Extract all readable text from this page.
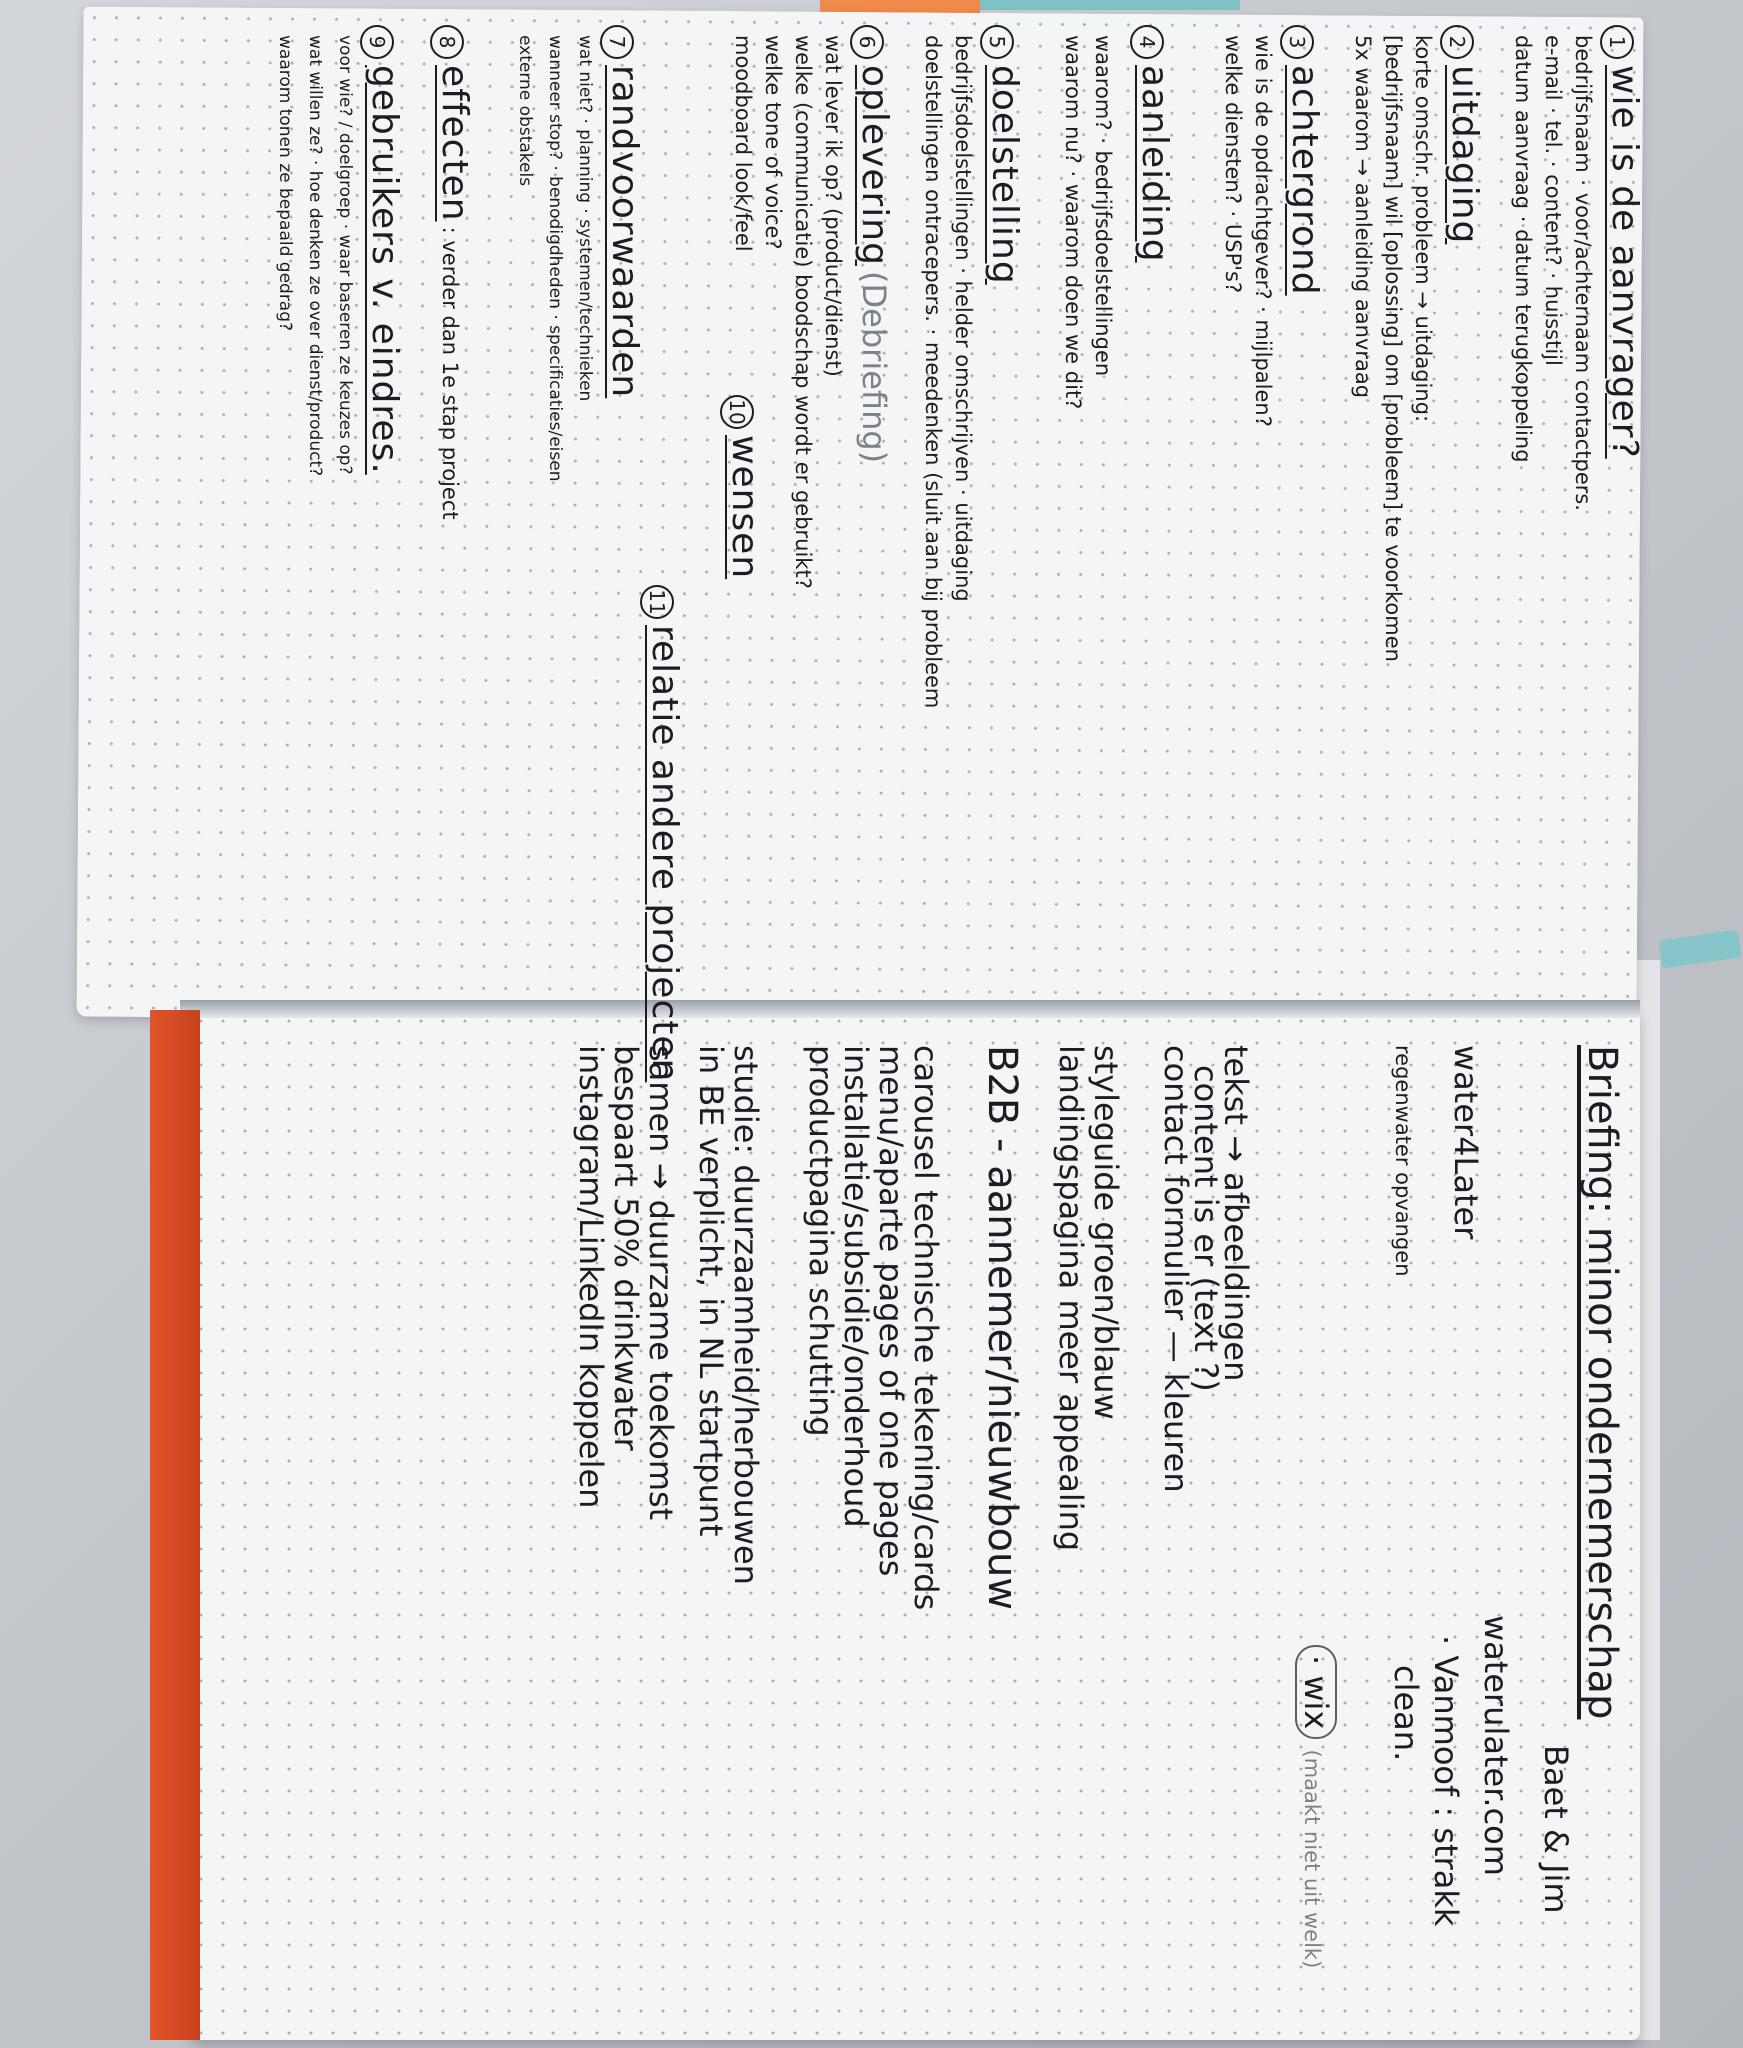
1wie is de aanvrager?
bedrijfsnaam · voor/achternaam contactpers.
e-mail · tel. · content? · huisstijl
datum aanvraag · datum terugkoppeling
2uitdaging
korte omschr. probleem → uitdaging:
[bedrijfsnaam] wil [oplossing] om [probleem] te voorkomen
5x waarom → aanleiding aanvraag
3achtergrond
wie is de opdrachtgever? · mijlpalen?
welke diensten? · USP's?
4aanleiding
waarom? · bedrijfsdoelstellingen
waarom nu? · waarom doen we dit?
5doelstelling
bedrijfsdoelstellingen · helder omschrijven · uitdaging
doelstellingen ontracepers. · meedenken (sluit aan bij probleem
6oplevering (Debriefing)
wat lever ik op? (product/dienst)
welke (communicatie) boodschap wordt er gebruikt?
welke tone of voice?
moodboard look/feel
10wensen
11relatie andere projecten
7randvoorwaarden
wat niet? · planning · systemen/technieken
wanneer stop? · benodigdheden · specificaties/eisen
externe obstakels
8effecten : verder dan 1e stap project
9gebruikers v. eindres.
voor wie? / doelgroep · waar baseren ze keuzes op?
wat willen ze? · hoe denken ze over dienst/product?
waarom tonen ze bepaald gedrag?
Briefing: minor ondernemerschap
Baet & Jim
waterulater.com
water4Later
· Vanmoof : strakk
clean.
regenwater opvangen
· wix (maakt niet uit welk)
tekst → afbeeldingen
content is er (text ?)
contact formulier — kleuren
styleguide groen/blauw
landingspagina meer appealing
B2B - aannemer/nieuwbouw
carousel technische tekening/cards
menu/aparte pages of one pages
installatie/subsidie/onderhoud
productpagina schutting
studie: duurzaamheid/herbouwen
in BE verplicht, in NL startpunt
samen → duurzame toekomst
bespaart 50% drinkwater
instagram/LinkedIn koppelen
